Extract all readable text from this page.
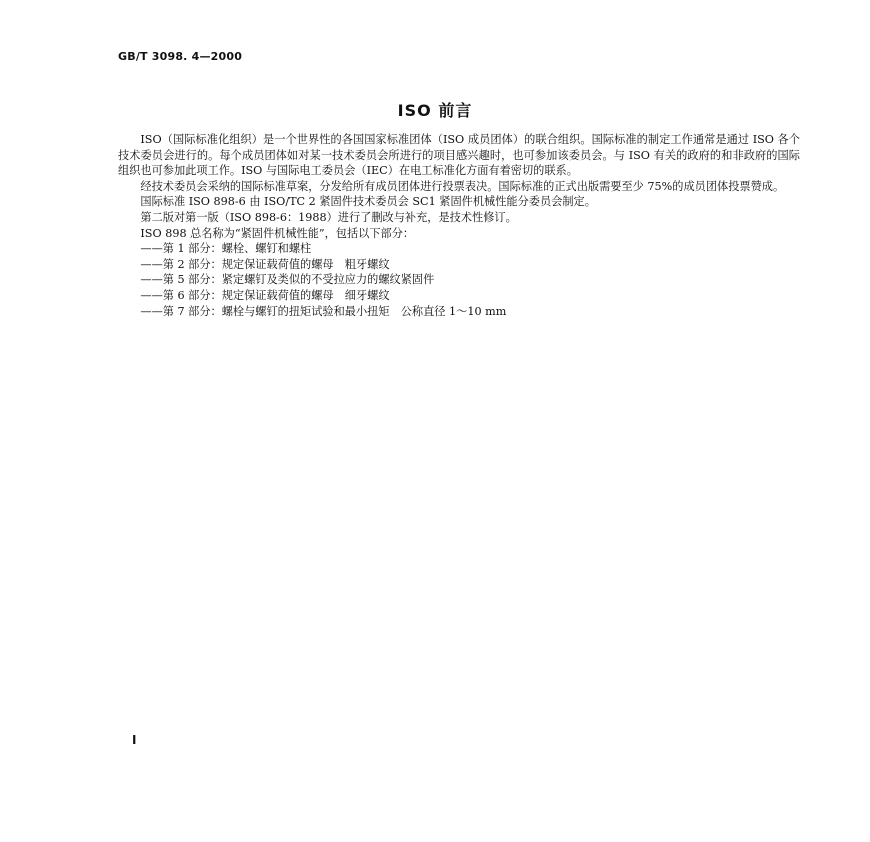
GB/T 3098. 4—2000
ISO 前言

ISO（国际标准化组织）是一个世界性的各国国家标准团体（ISO 成员团体）的联合组织。国际标准的制定工作通常是通过 ISO 各个技术委员会进行的。每个成员团体如对某一技术委员会所进行的项目感兴趣时，也可参加该委员会。与 ISO 有关的政府的和非政府的国际组织也可参加此项工作。ISO 与国际电工委员会（IEC）在电工标准化方面有着密切的联系。

经技术委员会采纳的国际标准草案，分发给所有成员团体进行投票表决。国际标准的正式出版需要至少 75%的成员团体投票赞成。

国际标准 ISO 898-6 由 ISO/TC 2 紧固件技术委员会 SC1 紧固件机械性能分委员会制定。

第二版对第一版（ISO 898-6：1988）进行了删改与补充，是技术性修订。

ISO 898 总名称为“紧固件机械性能”，包括以下部分：

——第 1 部分：螺栓、螺钉和螺柱

——第 2 部分：规定保证载荷值的螺母　粗牙螺纹

——第 5 部分：紧定螺钉及类似的不受拉应力的螺纹紧固件

——第 6 部分：规定保证载荷值的螺母　细牙螺纹

——第 7 部分：螺栓与螺钉的扭矩试验和最小扭矩　公称直径 1～10 mm

I
